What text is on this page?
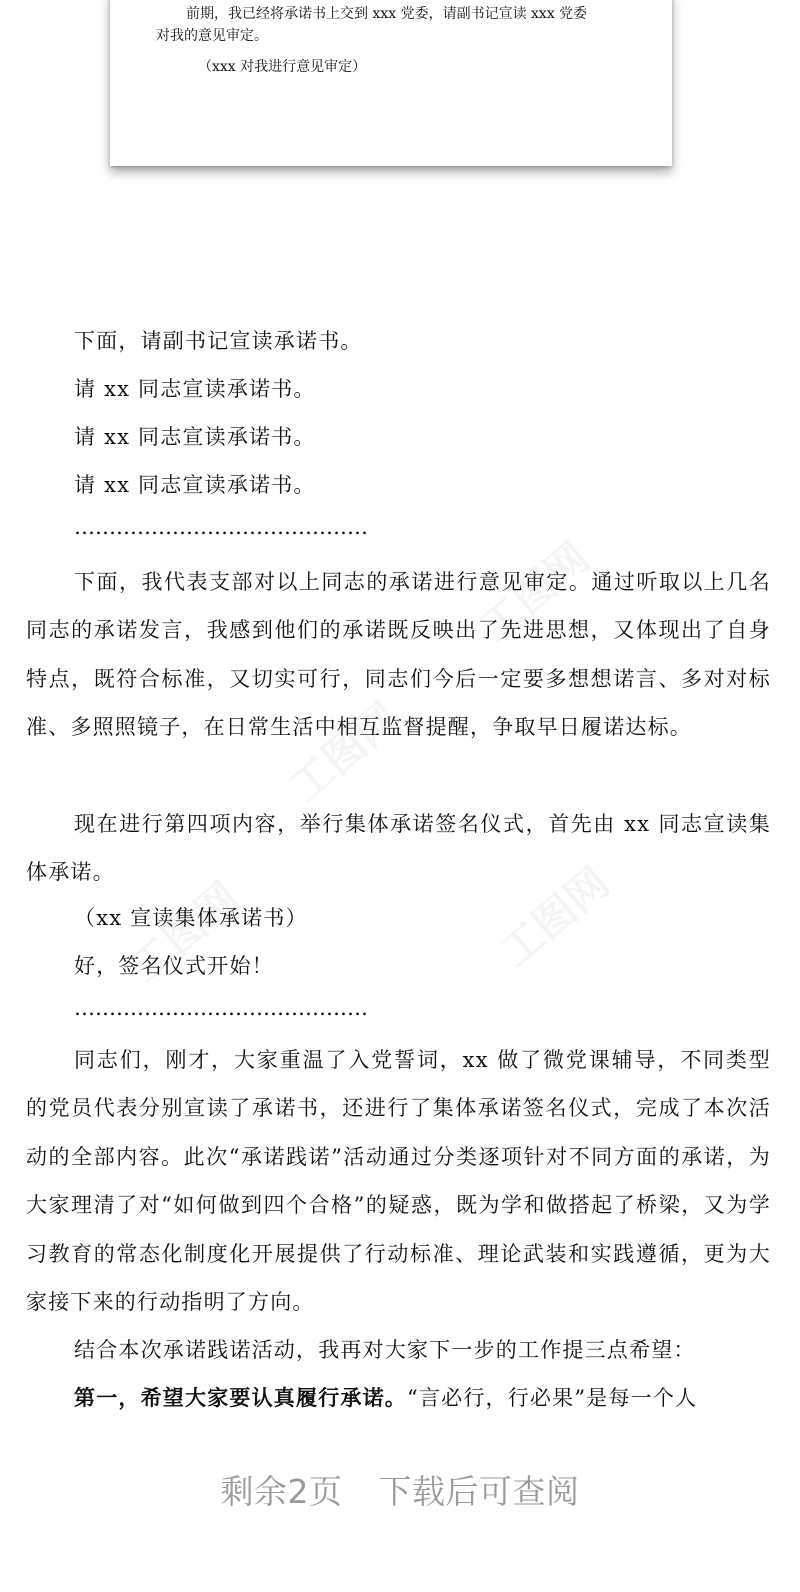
前期，我已经将承诺书上交到 xxx 党委，请副书记宣读 xxx 党委

对我的意见审定。

（xxx 对我进行意见审定）

下面，请副书记宣读承诺书。
请 xx 同志宣读承诺书。
请 xx 同志宣读承诺书。
请 xx 同志宣读承诺书。
……………………………………

下面，我代表支部对以上同志的承诺进行意见审定。通过听取以上几名同志的承诺发言，我感到他们的承诺既反映出了先进思想，又体现出了自身特点，既符合标准，又切实可行，同志们今后一定要多想想诺言、多对对标准、多照照镜子，在日常生活中相互监督提醒，争取早日履诺达标。

现在进行第四项内容，举行集体承诺签名仪式，首先由 xx 同志宣读集体承诺。

（xx 宣读集体承诺书）
好，签名仪式开始！
……………………………………

同志们，刚才，大家重温了入党誓词，xx 做了微党课辅导，不同类型的党员代表分别宣读了承诺书，还进行了集体承诺签名仪式，完成了本次活动的全部内容。此次“承诺践诺”活动通过分类逐项针对不同方面的承诺，为大家理清了对“如何做到四个合格”的疑惑，既为学和做搭起了桥梁，又为学习教育的常态化制度化开展提供了行动标准、理论武装和实践遵循，更为大家接下来的行动指明了方向。

结合本次承诺践诺活动，我再对大家下一步的工作提三点希望：

第一，希望大家要认真履行承诺。“言必行，行必果”是每一个人

剩余2页 下载后可查阅
